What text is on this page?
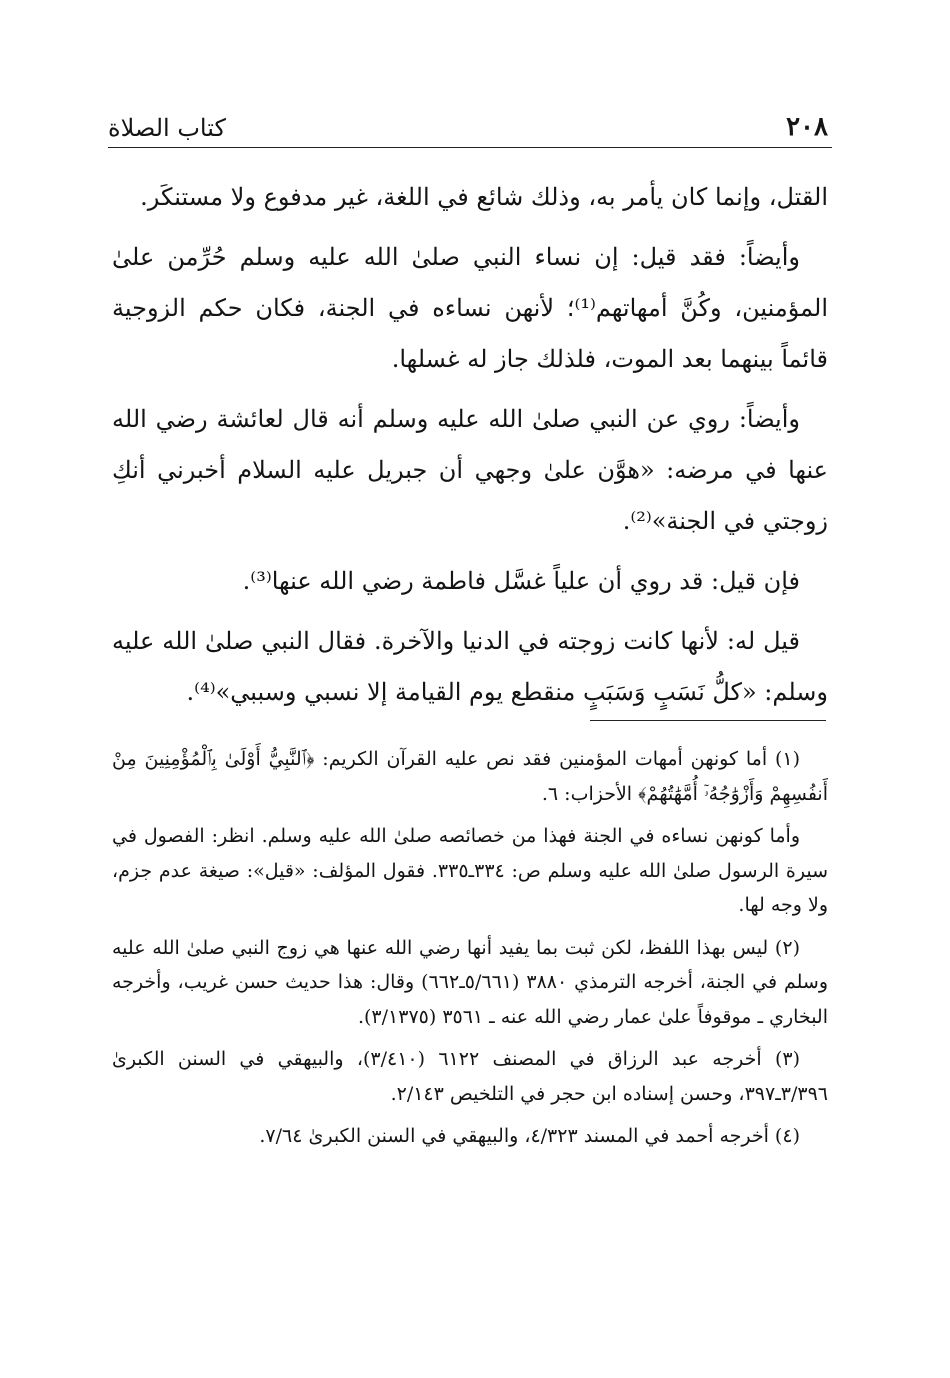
٢٠٨
كتاب الصلاة

القتل، وإنما كان يأمر به، وذلك شائع في اللغة، غير مدفوع ولا مستنكَر.

وأيضاً: فقد قيل: إن نساء النبي صلىٰ الله عليه وسلم حُرِّمن علىٰ المؤمنين، وكُنَّ أمهاتهم⁽¹⁾؛ لأنهن نساءه في الجنة، فكان حكم الزوجية قائماً بينهما بعد الموت، فلذلك جاز له غسلها.

وأيضاً: روي عن النبي صلىٰ الله عليه وسلم أنه قال لعائشة رضي الله عنها في مرضه: «هوَّن علىٰ وجهي أن جبريل عليه السلام أخبرني أنكِ زوجتي في الجنة»⁽²⁾.

فإن قيل: قد روي أن علياً غسَّل فاطمة رضي الله عنها⁽³⁾.

قيل له: لأنها كانت زوجته في الدنيا والآخرة. فقال النبي صلىٰ الله عليه وسلم: «كلُّ نَسَبٍ وَسَبَبٍ منقطع يوم القيامة إلا نسبي وسببي»⁽⁴⁾.

(١) أما كونهن أمهات المؤمنين فقد نص عليه القرآن الكريم: ﴿ٱلنَّبِيُّ أَوْلَىٰ بِٱلْمُؤْمِنِينَ مِنْ أَنفُسِهِمْ وَأَزْوَٰجُهُۥٓ أُمَّهَٰتُهُمْ﴾ الأحزاب: ٦.

وأما كونهن نساءه في الجنة فهذا من خصائصه صلىٰ الله عليه وسلم. انظر: الفصول في سيرة الرسول صلىٰ الله عليه وسلم ص: ٣٣٤ـ٣٣٥. فقول المؤلف: «قيل»: صيغة عدم جزم، ولا وجه لها.

(٢) ليس بهذا اللفظ، لكن ثبت بما يفيد أنها رضي الله عنها هي زوج النبي صلىٰ الله عليه وسلم في الجنة، أخرجه الترمذي ٣٨٨٠ (٥/٦٦١ـ٦٦٢) وقال: هذا حديث حسن غريب، وأخرجه البخاري ـ موقوفاً علىٰ عمار رضي الله عنه ـ ٣٥٦١ (٣/١٣٧٥).

(٣) أخرجه عبد الرزاق في المصنف ٦١٢٢ (٣/٤١٠)، والبيهقي في السنن الكبرىٰ ٣/٣٩٦ـ٣٩٧، وحسن إسناده ابن حجر في التلخيص ٢/١٤٣.

(٤) أخرجه أحمد في المسند ٤/٣٢٣، والبيهقي في السنن الكبرىٰ ٧/٦٤.
